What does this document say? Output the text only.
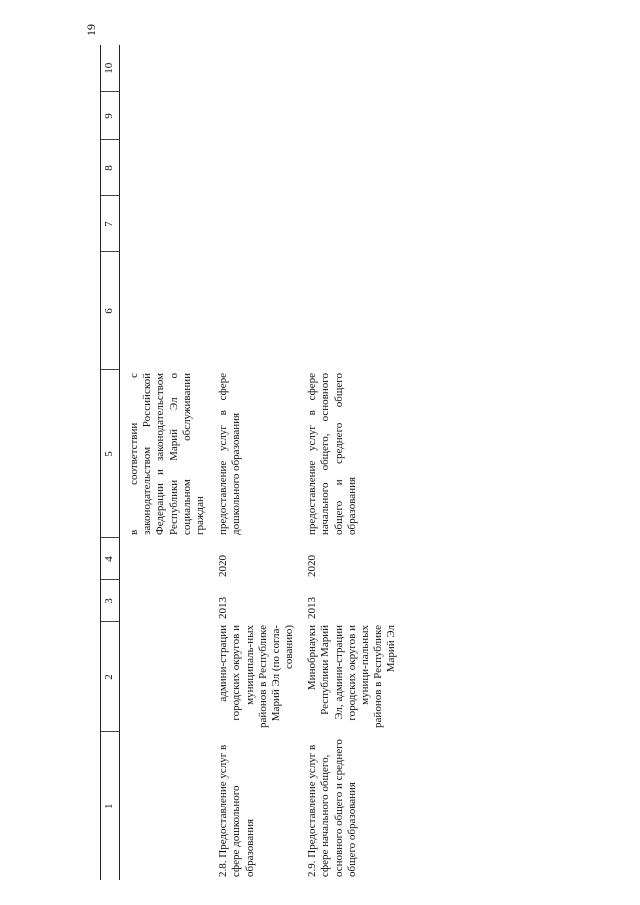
19
1	2	3	4	5	6	7	8	9	10

				в соответствии с законодательством Российской Федерации и законодательством Республики Марий Эл о социальном обслуживании граждан					

2.8. Предоставление услуг в сфере дошкольного образования	админи-страции городских округов и муниципаль-ных районов в Республике Марий Эл (по согла-сованию)	2013	2020	предоставление услуг в сфере дошкольного образования					

2.9. Предоставление услуг в сфере начального общего, основного общего и среднего общего образования	Минобрнауки Республики Марий Эл, админи-страции городских округов и муници-пальных районов в Республике Марий Эл	2013	2020	предоставление услуг в сфере начального общего, основного общего и среднего общего образования					
